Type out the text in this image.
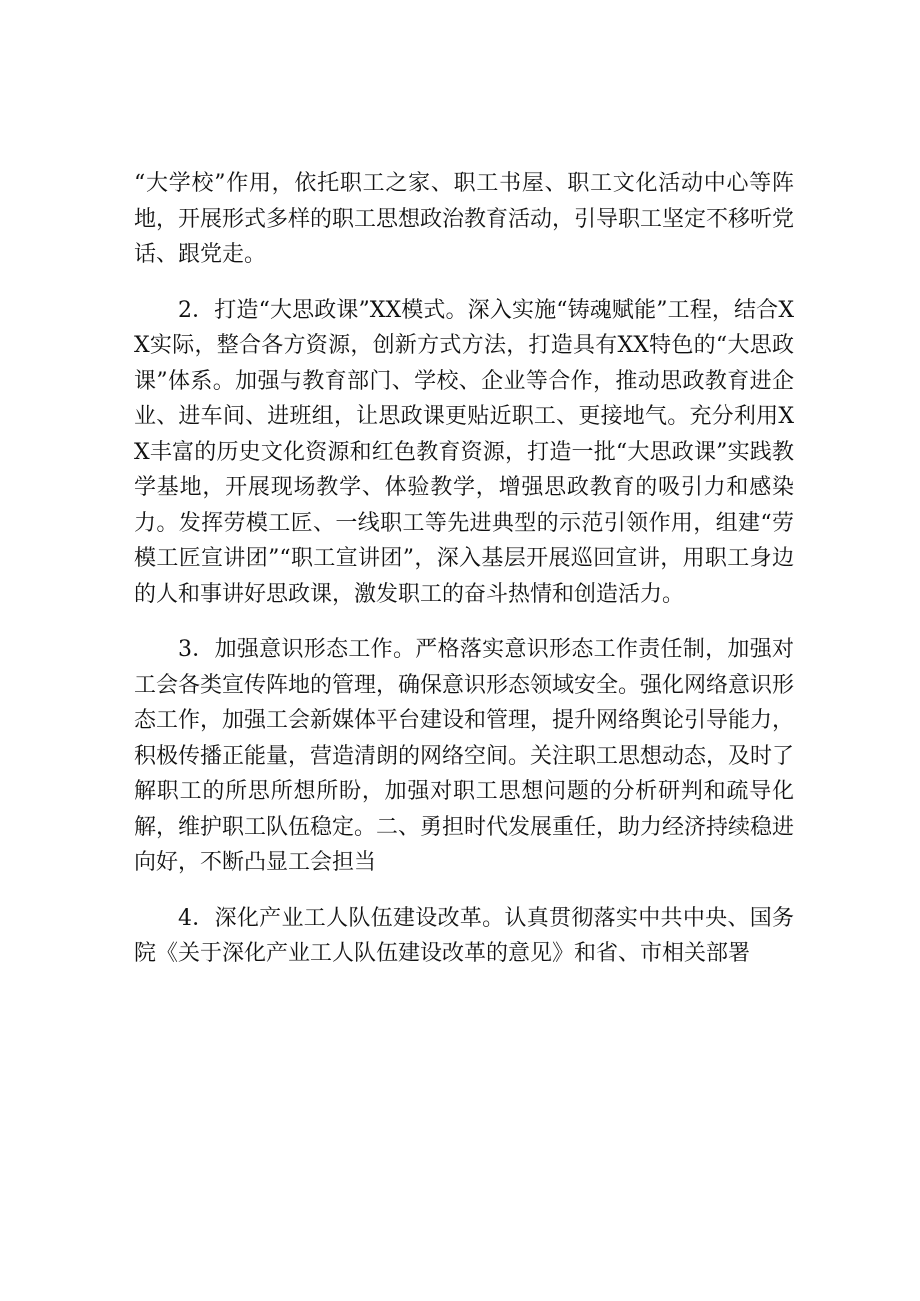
“大学校”作用，依托职工之家、职工书屋、职工文化活动中心等阵地，开展形式多样的职工思想政治教育活动，引导职工坚定不移听党话、跟党走。

2．打造“大思政课”XX模式。深入实施“铸魂赋能”工程，结合XX实际，整合各方资源，创新方式方法，打造具有XX特色的“大思政课”体系。加强与教育部门、学校、企业等合作，推动思政教育进企业、进车间、进班组，让思政课更贴近职工、更接地气。充分利用XX丰富的历史文化资源和红色教育资源，打造一批“大思政课”实践教学基地，开展现场教学、体验教学，增强思政教育的吸引力和感染力。发挥劳模工匠、一线职工等先进典型的示范引领作用，组建“劳模工匠宣讲团”“职工宣讲团”，深入基层开展巡回宣讲，用职工身边的人和事讲好思政课，激发职工的奋斗热情和创造活力。

3．加强意识形态工作。严格落实意识形态工作责任制，加强对工会各类宣传阵地的管理，确保意识形态领域安全。强化网络意识形态工作，加强工会新媒体平台建设和管理，提升网络舆论引导能力，积极传播正能量，营造清朗的网络空间。关注职工思想动态，及时了解职工的所思所想所盼，加强对职工思想问题的分析研判和疏导化解，维护职工队伍稳定。二、勇担时代发展重任，助力经济持续稳进向好，不断凸显工会担当

4．深化产业工人队伍建设改革。认真贯彻落实中共中央、国务院《关于深化产业工人队伍建设改革的意见》和省、市相关部署
